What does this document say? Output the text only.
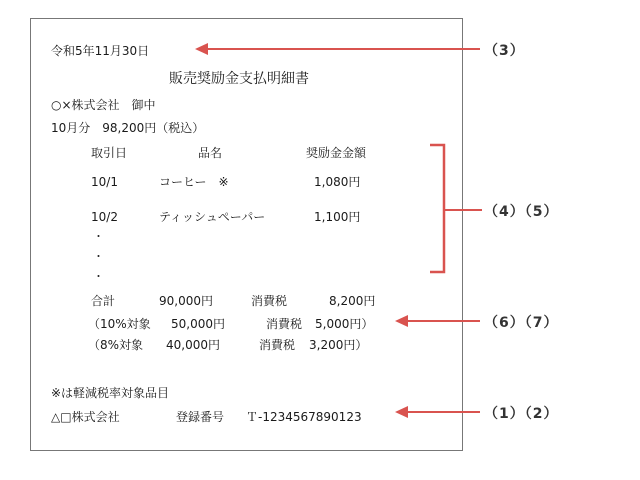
令和5年11月30日
販売奨励金支払明細書
○×株式会社　御中
10月分　98,200円（税込）
取引日	品名	奨励金金額
10/1	コーヒー　※	1,080円
10/2	ティッシュペーパー	1,100円
・
・
・
合計	90,000円	消費税	8,200円
（10%対象 50,000円	消費税 5,000円）
（8%対象 40,000円	消費税 3,200円）
※は軽減税率対象品目
△□株式会社	登録番号 Ｔ-1234567890123
（3）
（4）（5）
（6）（7）
（1）（2）
